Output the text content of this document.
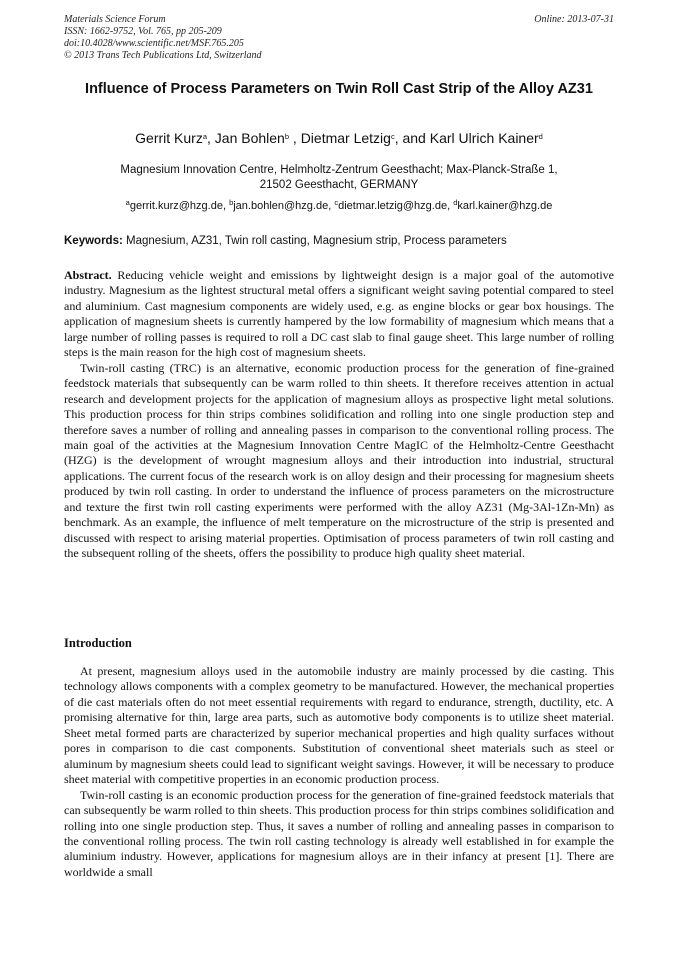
Materials Science Forum
ISSN: 1662-9752, Vol. 765, pp 205-209
doi:10.4028/www.scientific.net/MSF.765.205
© 2013 Trans Tech Publications Ltd, Switzerland
Online: 2013-07-31
Influence of Process Parameters on Twin Roll Cast Strip of the Alloy AZ31
Gerrit Kurz$^a$, Jan Bohlen$^b$ , Dietmar Letzig$^c$, and Karl Ulrich Kainer$^d$
Magnesium Innovation Centre, Helmholtz-Zentrum Geesthacht; Max-Planck-Straße 1,
21502 Geesthacht, GERMANY
$^a$gerrit.kurz@hzg.de, $^b$jan.bohlen@hzg.de, $^c$dietmar.letzig@hzg.de, $^d$karl.kainer@hzg.de
Keywords: Magnesium, AZ31, Twin roll casting, Magnesium strip, Process parameters

Abstract. Reducing vehicle weight and emissions by lightweight design is a major goal of the automotive industry. Magnesium as the lightest structural metal offers a significant weight saving potential compared to steel and aluminium. Cast magnesium components are widely used, e.g. as engine blocks or gear box housings. The application of magnesium sheets is currently hampered by the low formability of magnesium which means that a large number of rolling passes is required to roll a DC cast slab to final gauge sheet. This large number of rolling steps is the main reason for the high cost of magnesium sheets.

Twin-roll casting (TRC) is an alternative, economic production process for the generation of fine-grained feedstock materials that subsequently can be warm rolled to thin sheets. It therefore receives attention in actual research and development projects for the application of magnesium alloys as prospective light metal solutions. This production process for thin strips combines solidification and rolling into one single production step and therefore saves a number of rolling and annealing passes in comparison to the conventional rolling process. The main goal of the activities at the Magnesium Innovation Centre MagIC of the Helmholtz-Centre Geesthacht (HZG) is the development of wrought magnesium alloys and their introduction into industrial, structural applications. The current focus of the research work is on alloy design and their processing for magnesium sheets produced by twin roll casting. In order to understand the influence of process parameters on the microstructure and texture the first twin roll casting experiments were performed with the alloy AZ31 (Mg-3Al-1Zn-Mn) as benchmark. As an example, the influence of melt temperature on the microstructure of the strip is presented and discussed with respect to arising material properties. Optimisation of process parameters of twin roll casting and the subsequent rolling of the sheets, offers the possibility to produce high quality sheet material.

Introduction

At present, magnesium alloys used in the automobile industry are mainly processed by die casting. This technology allows components with a complex geometry to be manufactured. However, the mechanical properties of die cast materials often do not meet essential requirements with regard to endurance, strength, ductility, etc. A promising alternative for thin, large area parts, such as automotive body components is to utilize sheet material. Sheet metal formed parts are characterized by superior mechanical properties and high quality surfaces without pores in comparison to die cast components. Substitution of conventional sheet materials such as steel or aluminum by magnesium sheets could lead to significant weight savings. However, it will be necessary to produce sheet material with competitive properties in an economic production process.

Twin-roll casting is an economic production process for the generation of fine-grained feedstock materials that can subsequently be warm rolled to thin sheets. This production process for thin strips combines solidification and rolling into one single production step. Thus, it saves a number of rolling and annealing passes in comparison to the conventional rolling process. The twin roll casting technology is already well established in for example the aluminium industry. However, applications for magnesium alloys are in their infancy at present [1]. There are worldwide a small
